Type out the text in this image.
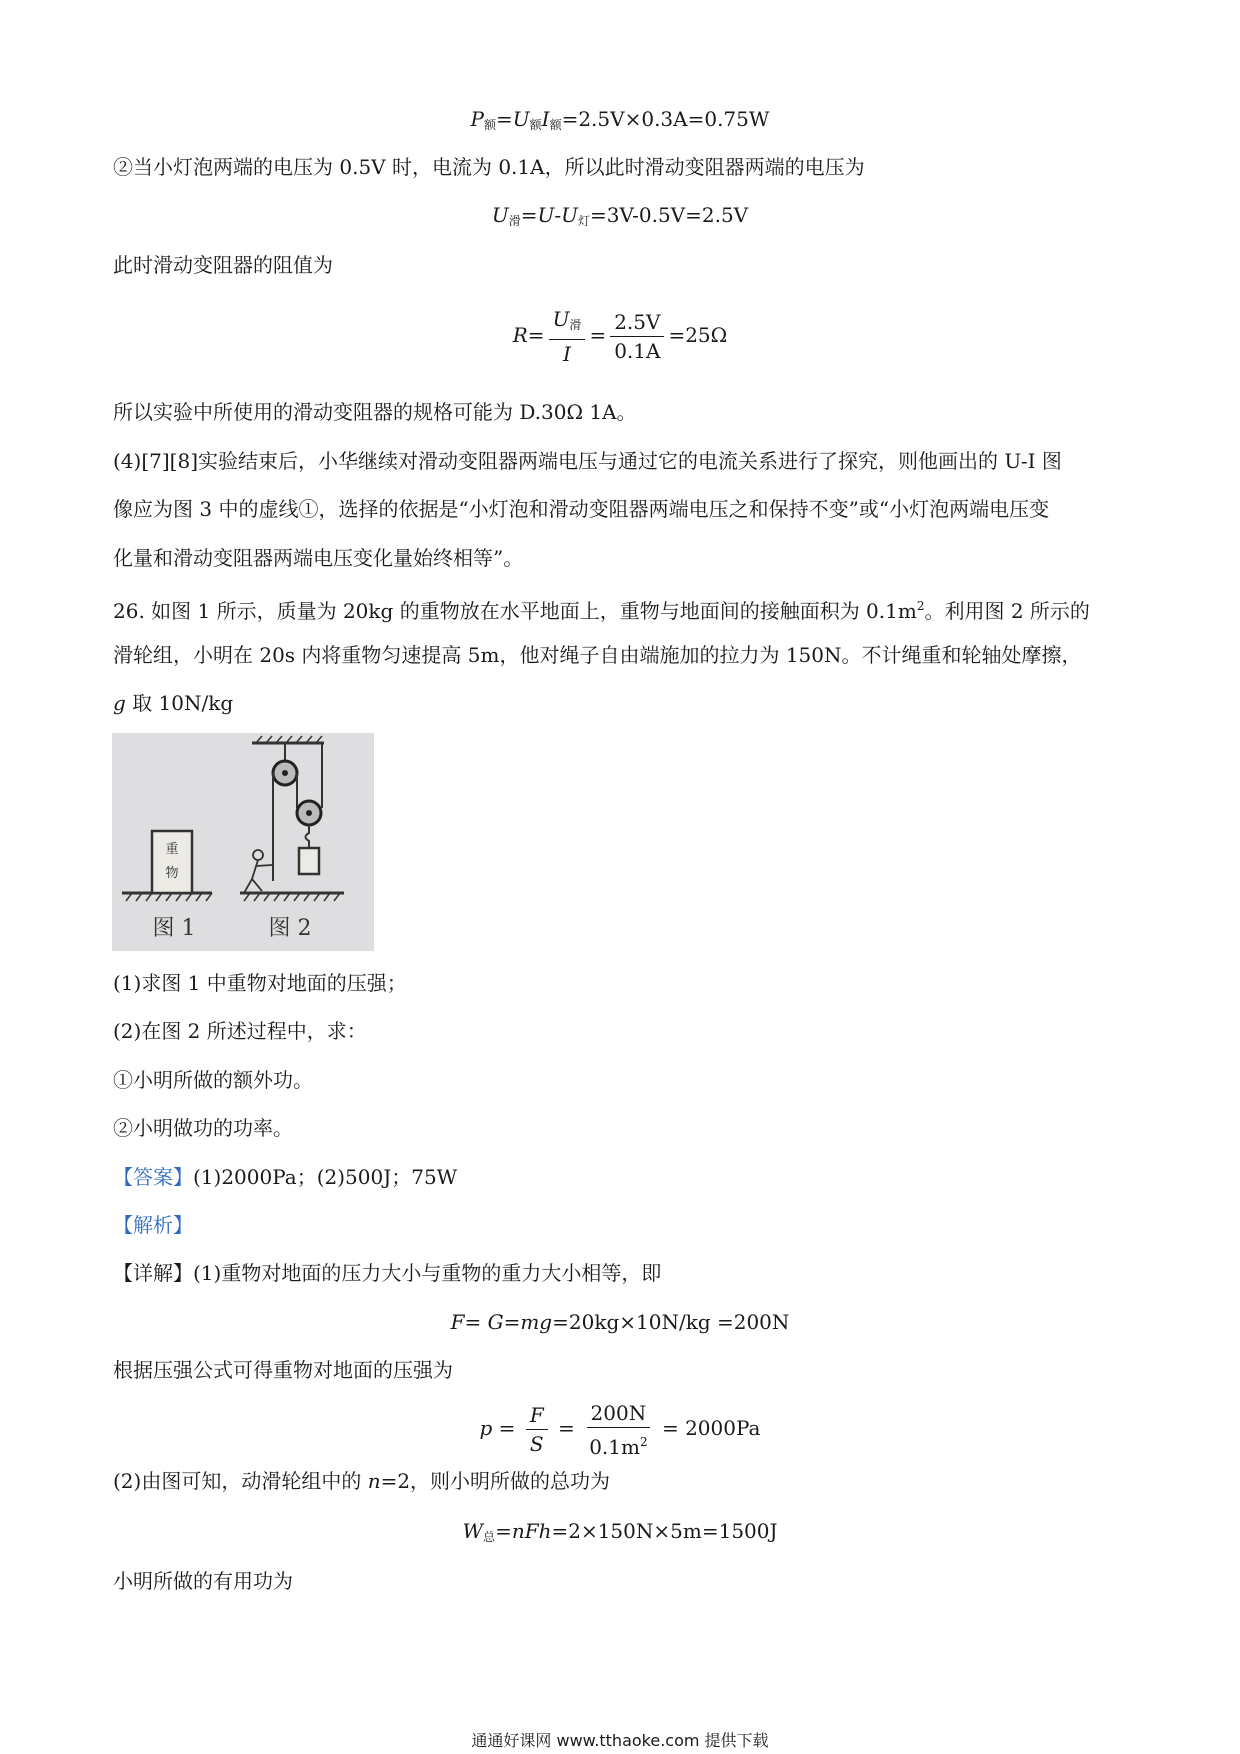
$P_额=U_额I_额=2.5V\times 0.3A=0.75W$
②当小灯泡两端的电压为 0.5V 时，电流为 0.1A，所以此时滑动变阻器两端的电压为
$U_滑=U-U_灯=3V-0.5V=2.5V$
此时滑动变阻器的阻值为
$R= \frac{U_滑}{I} = \frac{2.5V}{0.1A} =25\Omega$
所以实验中所使用的滑动变阻器的规格可能为 D.30Ω 1A。
(4)[7][8]实验结束后，小华继续对滑动变阻器两端电压与通过它的电流关系进行了探究，则他画出的 U-I 图
像应为图 3 中的虚线①，选择的依据是“小灯泡和滑动变阻器两端电压之和保持不变”或“小灯泡两端电压变
化量和滑动变阻器两端电压变化量始终相等”。
26. 如图 1 所示，质量为 20kg 的重物放在水平地面上，重物与地面间的接触面积为 $0.1m^2$。利用图 2 所示的
滑轮组，小明在 20s 内将重物匀速提高 5m，他对绳子自由端施加的拉力为 150N。不计绳重和轮轴处摩擦，
g 取 10N/kg
重
物
图 1	图 2
(1)求图 1 中重物对地面的压强；
(2)在图 2 所述过程中，求：
①小明所做的额外功。
②小明做功的功率。
【答案】(1)2000Pa；(2)500J；75W
【解析】
【详解】(1)重物对地面的压力大小与重物的重力大小相等，即
F= G=mg=20kg×10N/kg =200N
根据压强公式可得重物对地面的压强为
$p = \frac{F}{S} = \frac{200N}{0.1m^2} = 2000Pa$
(2)由图可知，动滑轮组中的 n=2，则小明所做的总功为
$W_总=nFh=2\times 150N\times 5m=1500J$
小明所做的有用功为
通通好课网 www.tthaoke.com 提供下载
